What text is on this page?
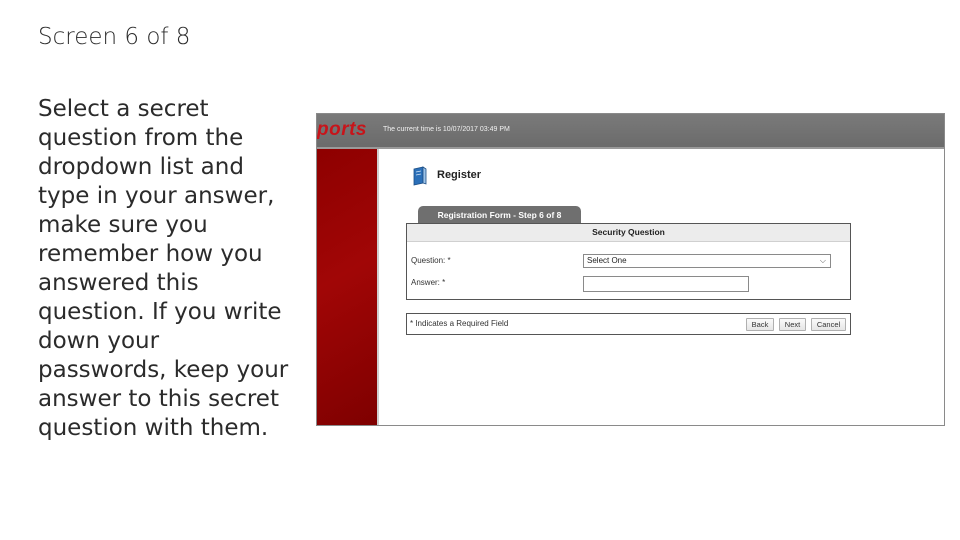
Screen 6 of 8
Select a secret
question from the
dropdown list and
type in your answer,
make sure you
remember how you
answered this
question. If you write
down your
passwords, keep your
answer to this secret
question with them.
ports	The current time is 10/07/2017 03:49 PM
Register
Registration Form - Step 6 of 8
Security Question
Question: *	Select One	⌵
Answer: *
* Indicates a Required Field	Back	Next	Cancel
